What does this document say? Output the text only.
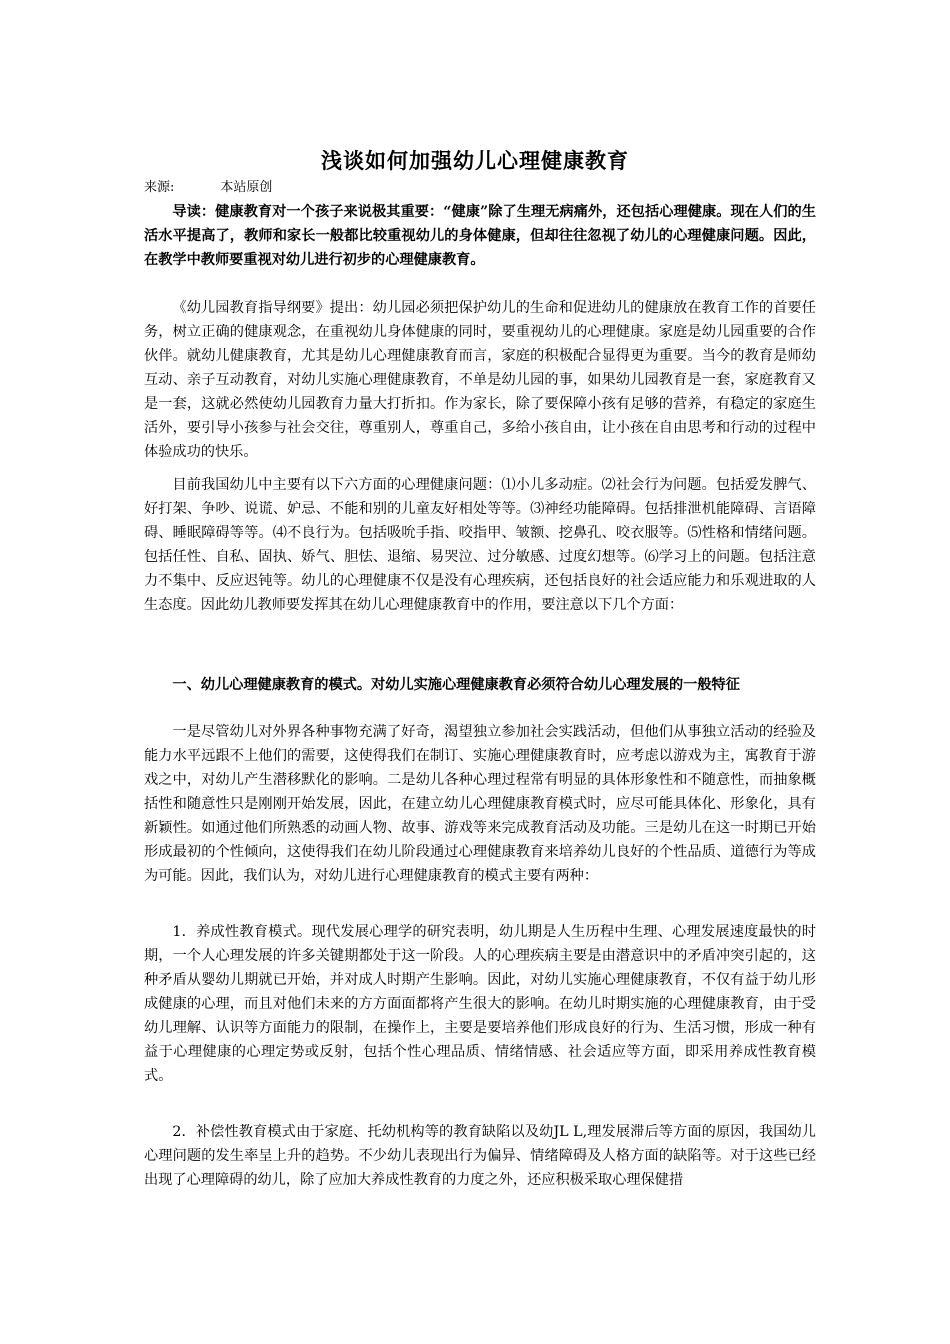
浅谈如何加强幼儿心理健康教育
来源:	本站原创
导读：健康教育对一个孩子来说极其重要：“健康”除了生理无病痛外，还包括心理健康。现在人们的生活水平提高了，教师和家长一般都比较重视幼儿的身体健康，但却往往忽视了幼儿的心理健康问题。因此，在教学中教师要重视对幼儿进行初步的心理健康教育。
《幼儿园教育指导纲要》提出：幼儿园必须把保护幼儿的生命和促进幼儿的健康放在教育工作的首要任务，树立正确的健康观念，在重视幼儿身体健康的同时，要重视幼儿的心理健康。家庭是幼儿园重要的合作伙伴。就幼儿健康教育，尤其是幼儿心理健康教育而言，家庭的积极配合显得更为重要。当今的教育是师幼互动、亲子互动教育，对幼儿实施心理健康教育，不单是幼儿园的事，如果幼儿园教育是一套，家庭教育又是一套，这就必然使幼儿园教育力量大打折扣。作为家长，除了要保障小孩有足够的营养，有稳定的家庭生活外，要引导小孩参与社会交往，尊重别人，尊重自己，多给小孩自由，让小孩在自由思考和行动的过程中体验成功的快乐。
目前我国幼儿中主要有以下六方面的心理健康问题：⑴小儿多动症。⑵社会行为问题。包括爱发脾气、好打架、争吵、说谎、妒忌、不能和别的儿童友好相处等等。⑶神经功能障碍。包括排泄机能障碍、言语障碍、睡眠障碍等等。⑷不良行为。包括吸吮手指、咬指甲、皱额、挖鼻孔、咬衣服等。⑸性格和情绪问题。包括任性、自私、固执、娇气、胆怯、退缩、易哭泣、过分敏感、过度幻想等。⑹学习上的问题。包括注意力不集中、反应迟钝等。幼儿的心理健康不仅是没有心理疾病，还包括良好的社会适应能力和乐观进取的人生态度。因此幼儿教师要发挥其在幼儿心理健康教育中的作用，要注意以下几个方面：
一、幼儿心理健康教育的模式。对幼儿实施心理健康教育必须符合幼儿心理发展的一般特征
一是尽管幼儿对外界各种事物充满了好奇，渴望独立参加社会实践活动，但他们从事独立活动的经验及能力水平远跟不上他们的需要，这使得我们在制订、实施心理健康教育时，应考虑以游戏为主，寓教育于游戏之中，对幼儿产生潜移默化的影响。二是幼儿各种心理过程常有明显的具体形象性和不随意性，而抽象概括性和随意性只是刚刚开始发展，因此，在建立幼儿心理健康教育模式时，应尽可能具体化、形象化，具有新颖性。如通过他们所熟悉的动画人物、故事、游戏等来完成教育活动及功能。三是幼儿在这一时期已开始形成最初的个性倾向，这使得我们在幼儿阶段通过心理健康教育来培养幼儿良好的个性品质、道德行为等成为可能。因此，我们认为，对幼儿进行心理健康教育的模式主要有两种：
1．养成性教育模式。现代发展心理学的研究表明，幼儿期是人生历程中生理、心理发展速度最快的时期，一个人心理发展的许多关键期都处于这一阶段。人的心理疾病主要是由潜意识中的矛盾冲突引起的，这种矛盾从婴幼儿期就已开始，并对成人时期产生影响。因此，对幼儿实施心理健康教育，不仅有益于幼儿形成健康的心理，而且对他们未来的方方面面都将产生很大的影响。在幼儿时期实施的心理健康教育，由于受幼儿理解、认识等方面能力的限制，在操作上，主要是要培养他们形成良好的行为、生活习惯，形成一种有益于心理健康的心理定势或反射，包括个性心理品质、情绪情感、社会适应等方面，即采用养成性教育模式。
2．补偿性教育模式由于家庭、托幼机构等的教育缺陷以及幼JL L,理发展滞后等方面的原因，我国幼儿心理问题的发生率呈上升的趋势。不少幼儿表现出行为偏异、情绪障碍及人格方面的缺陷等。对于这些已经出现了心理障碍的幼儿，除了应加大养成性教育的力度之外，还应积极采取心理保健措
